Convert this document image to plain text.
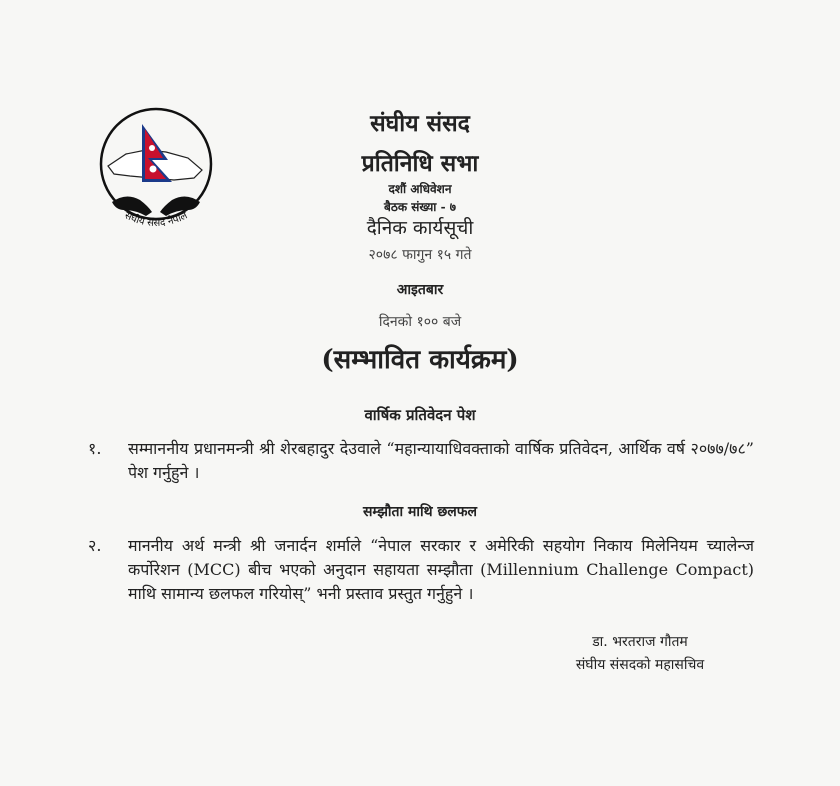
संघीय संसद नेपाल
संघीय संसद
प्रतिनिधि सभा
दशौं अधिवेशन
बैठक संख्या - ७
दैनिक कार्यसूची
२०७८ फागुन १५ गते
आइतबार
दिनको १०० बजे
(सम्भावित कार्यक्रम)
वार्षिक प्रतिवेदन पेश
१. सम्माननीय प्रधानमन्त्री श्री शेरबहादुर देउवाले “महान्यायाधिवक्ताको वार्षिक प्रतिवेदन, आर्थिक वर्ष २०७७/७८” पेश गर्नुहुने ।
सम्झौता माथि छलफल
२. माननीय अर्थ मन्त्री श्री जनार्दन शर्माले “नेपाल सरकार र अमेरिकी सहयोग निकाय मिलेनियम च्यालेन्ज कर्पोरेशन (MCC) बीच भएको अनुदान सहायता सम्झौता (Millennium Challenge Compact) माथि सामान्य छलफल गरियोस्” भनी प्रस्ताव प्रस्तुत गर्नुहुने ।
डा. भरतराज गौतम
संघीय संसदको महासचिव
